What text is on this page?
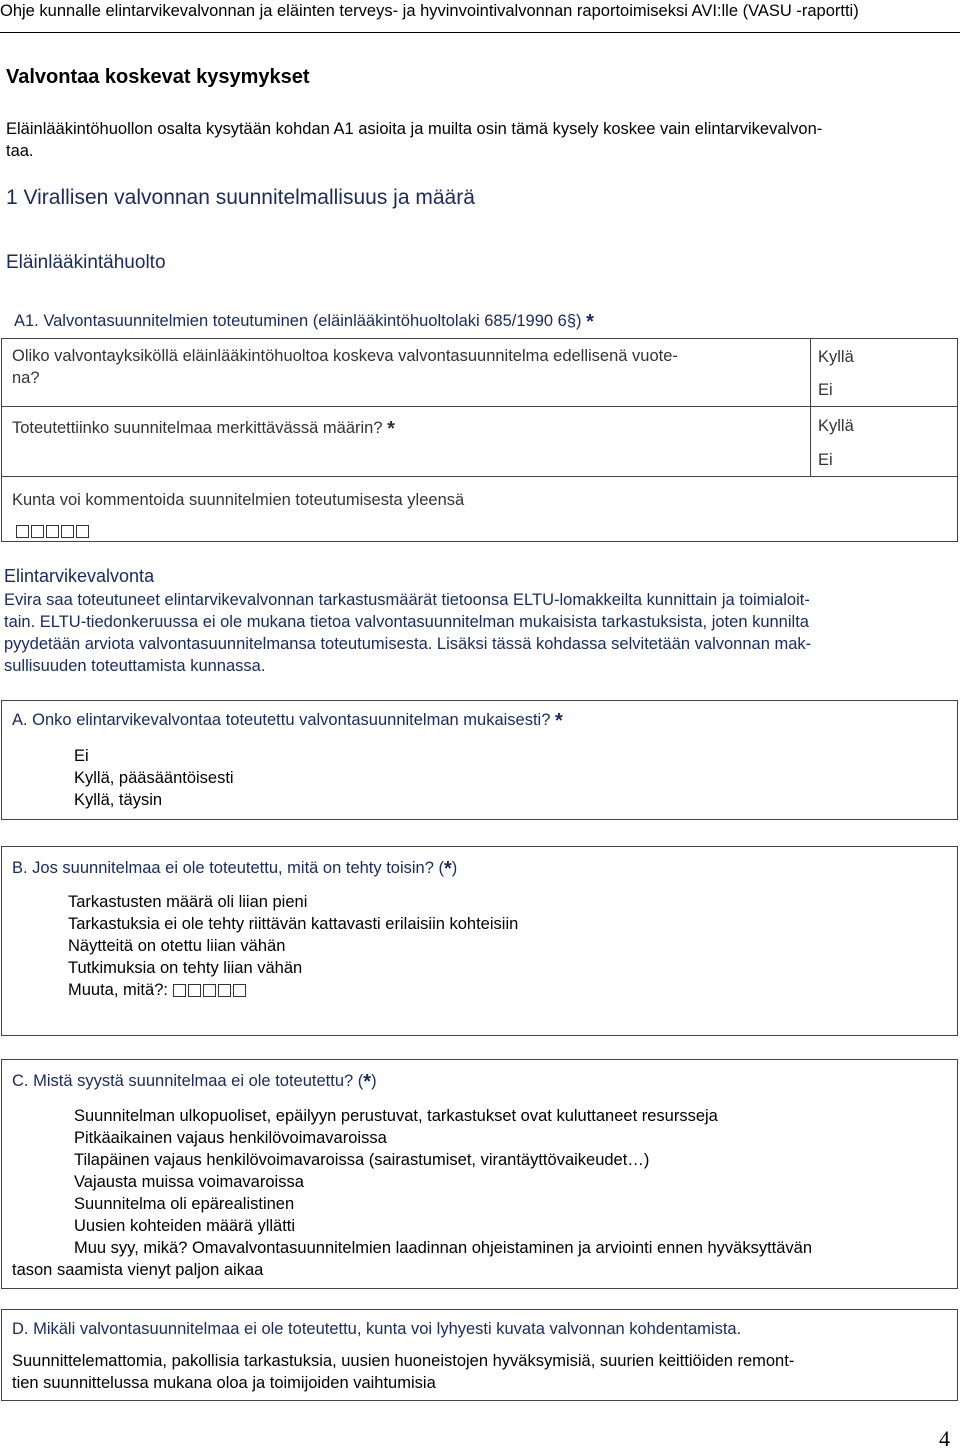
Ohje kunnalle elintarvikevalvonnan ja eläinten terveys- ja hyvinvointivalvonnan raportoimiseksi AVI:lle (VASU -raportti)
Valvontaa koskevat kysymykset
Eläinlääkintöhuollon osalta kysytään kohdan A1 asioita ja muilta osin tämä kysely koskee vain elintarvikevalvon-
taa.
1 Virallisen valvonnan suunnitelmallisuus ja määrä
Eläinlääkintähuolto
A1. Valvontasuunnitelmien toteutuminen (eläinlääkintöhuoltolaki 685/1990 6§) *
Oliko valvontayksiköllä eläinlääkintöhuoltoa koskeva valvontasuunnitelma edellisenä vuote-
na?
Kyllä
Ei
Toteutettiinko suunnitelmaa merkittävässä määrin? *	Kyllä
Ei
Kunta voi kommentoida suunnitelmien toteutumisesta yleensä
Elintarvikevalvonta
Evira saa toteutuneet elintarvikevalvonnan tarkastusmäärät tietoonsa ELTU-lomakkeilta kunnittain ja toimialoit-
tain. ELTU-tiedonkeruussa ei ole mukana tietoa valvontasuunnitelman mukaisista tarkastuksista, joten kunnilta
pyydetään arviota valvontasuunnitelmansa toteutumisesta. Lisäksi tässä kohdassa selvitetään valvonnan mak-
sullisuuden toteuttamista kunnassa.
A. Onko elintarvikevalvontaa toteutettu valvontasuunnitelman mukaisesti? *
Ei
Kyllä, pääsääntöisesti
Kyllä, täysin
B. Jos suunnitelmaa ei ole toteutettu, mitä on tehty toisin? (*)
Tarkastusten määrä oli liian pieni
Tarkastuksia ei ole tehty riittävän kattavasti erilaisiin kohteisiin
Näytteitä on otettu liian vähän
Tutkimuksia on tehty liian vähän
Muuta, mitä?:
C. Mistä syystä suunnitelmaa ei ole toteutettu? (*)
Suunnitelman ulkopuoliset, epäilyyn perustuvat, tarkastukset ovat kuluttaneet resursseja
Pitkäaikainen vajaus henkilövoimavaroissa
Tilapäinen vajaus henkilövoimavaroissa (sairastumiset, virantäyttövaikeudet…)
Vajausta muissa voimavaroissa
Suunnitelma oli epärealistinen
Uusien kohteiden määrä yllätti
Muu syy, mikä? Omavalvontasuunnitelmien laadinnan ohjeistaminen ja arviointi ennen hyväksyttävän
tason saamista vienyt paljon aikaa
D. Mikäli valvontasuunnitelmaa ei ole toteutettu, kunta voi lyhyesti kuvata valvonnan kohdentamista.
Suunnittelemattomia, pakollisia tarkastuksia, uusien huoneistojen hyväksymisiä, suurien keittiöiden remont-
tien suunnittelussa mukana oloa ja toimijoiden vaihtumisia
4
